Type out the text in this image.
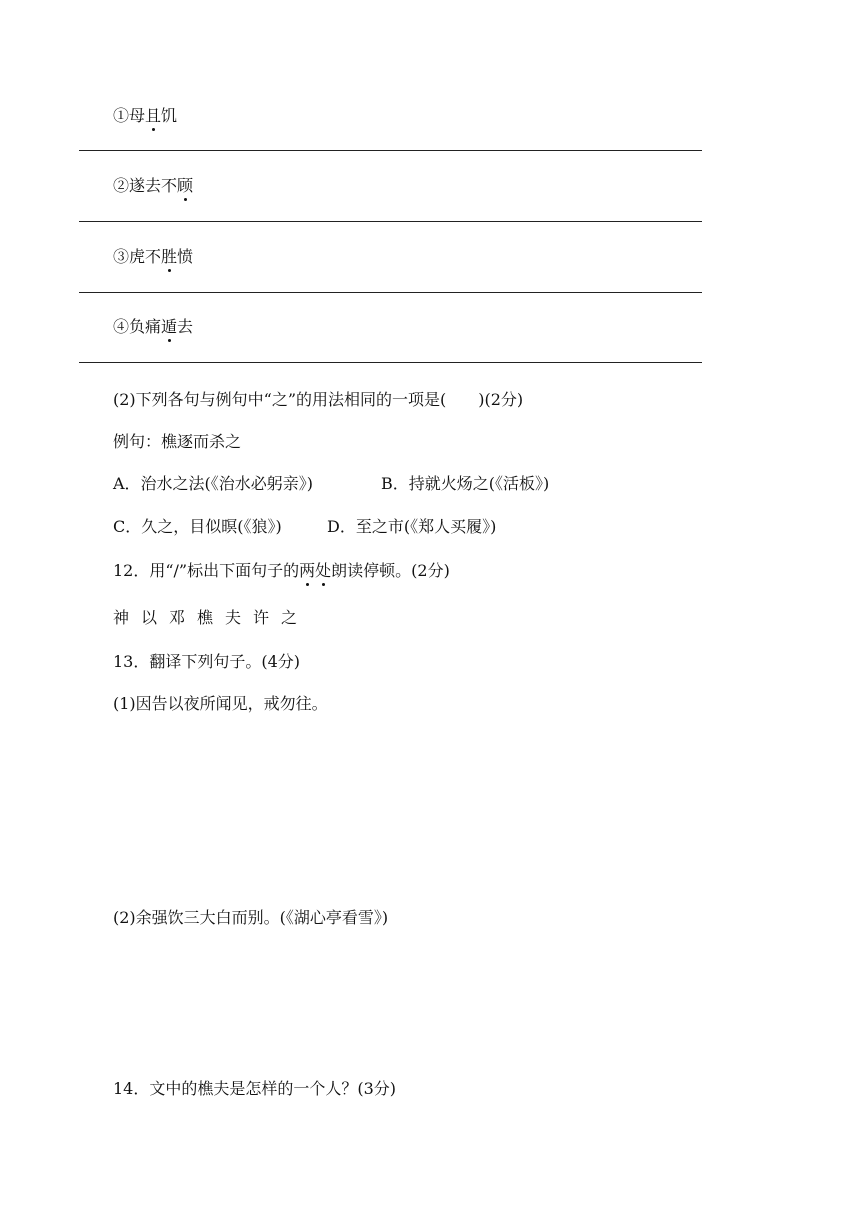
①母且饥
②遂去不顾
③虎不胜愤
④负痛遁去
(2)下列各句与例句中“之”的用法相同的一项是(　　)(2分)
例句：樵逐而杀之
A．治水之法(《治水必躬亲》)	B．持就火炀之(《活板》)
C．久之，目似暝(《狼》)	D．至之市(《郑人买履》)
12．用“/”标出下面句子的两处朗读停顿。(2分)
神以邓樵夫许之
13．翻译下列句子。(4分)
(1)因告以夜所闻见，戒勿往。
(2)余强饮三大白而别。(《湖心亭看雪》)
14．文中的樵夫是怎样的一个人？(3分)
